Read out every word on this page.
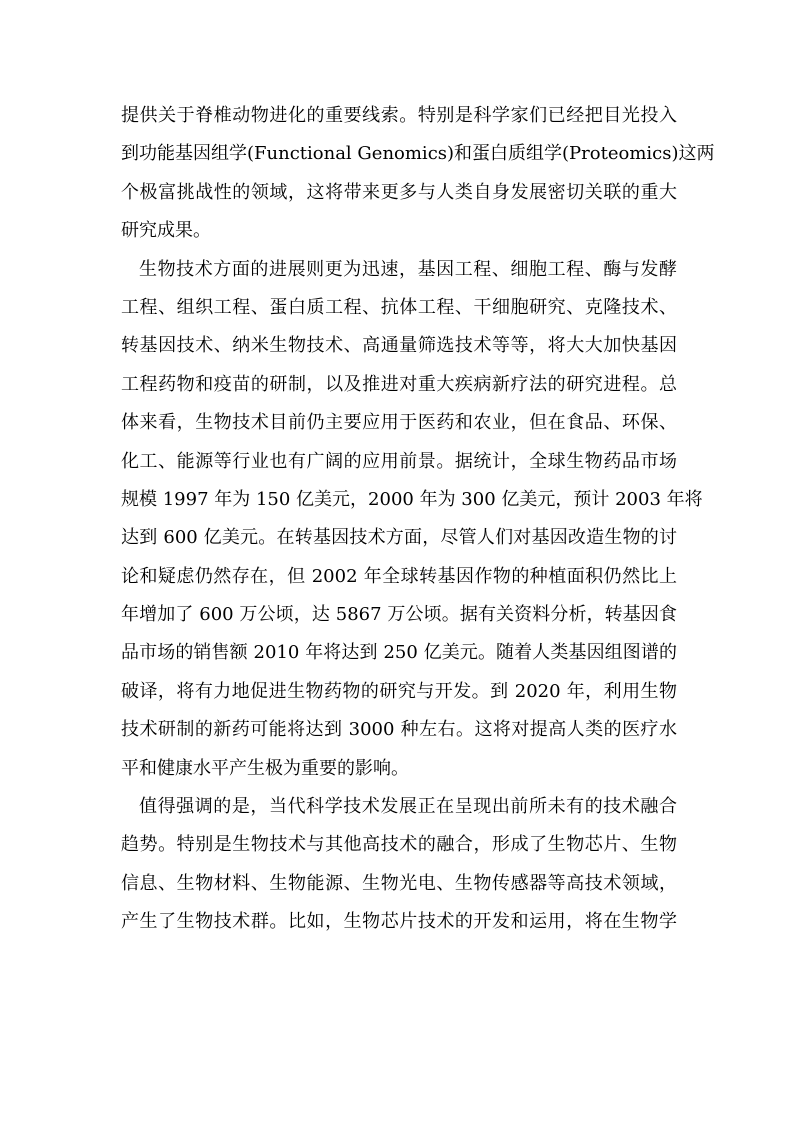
提供关于脊椎动物进化的重要线索。特别是科学家们已经把目光投入
到功能基因组学(Functional Genomics)和蛋白质组学(Proteomics)这两
个极富挑战性的领域，这将带来更多与人类自身发展密切关联的重大
研究成果。
生物技术方面的进展则更为迅速，基因工程、细胞工程、酶与发酵
工程、组织工程、蛋白质工程、抗体工程、干细胞研究、克隆技术、
转基因技术、纳米生物技术、高通量筛选技术等等，将大大加快基因
工程药物和疫苗的研制，以及推进对重大疾病新疗法的研究进程。总
体来看，生物技术目前仍主要应用于医药和农业，但在食品、环保、
化工、能源等行业也有广阔的应用前景。据统计，全球生物药品市场
规模 1997 年为 150 亿美元，2000 年为 300 亿美元，预计 2003 年将
达到 600 亿美元。在转基因技术方面，尽管人们对基因改造生物的讨
论和疑虑仍然存在，但 2002 年全球转基因作物的种植面积仍然比上
年增加了 600 万公顷，达 5867 万公顷。据有关资料分析，转基因食
品市场的销售额 2010 年将达到 250 亿美元。随着人类基因组图谱的
破译，将有力地促进生物药物的研究与开发。到 2020 年，利用生物
技术研制的新药可能将达到 3000 种左右。这将对提高人类的医疗水
平和健康水平产生极为重要的影响。
值得强调的是，当代科学技术发展正在呈现出前所未有的技术融合
趋势。特别是生物技术与其他高技术的融合，形成了生物芯片、生物
信息、生物材料、生物能源、生物光电、生物传感器等高技术领域，
产生了生物技术群。比如，生物芯片技术的开发和运用，将在生物学
